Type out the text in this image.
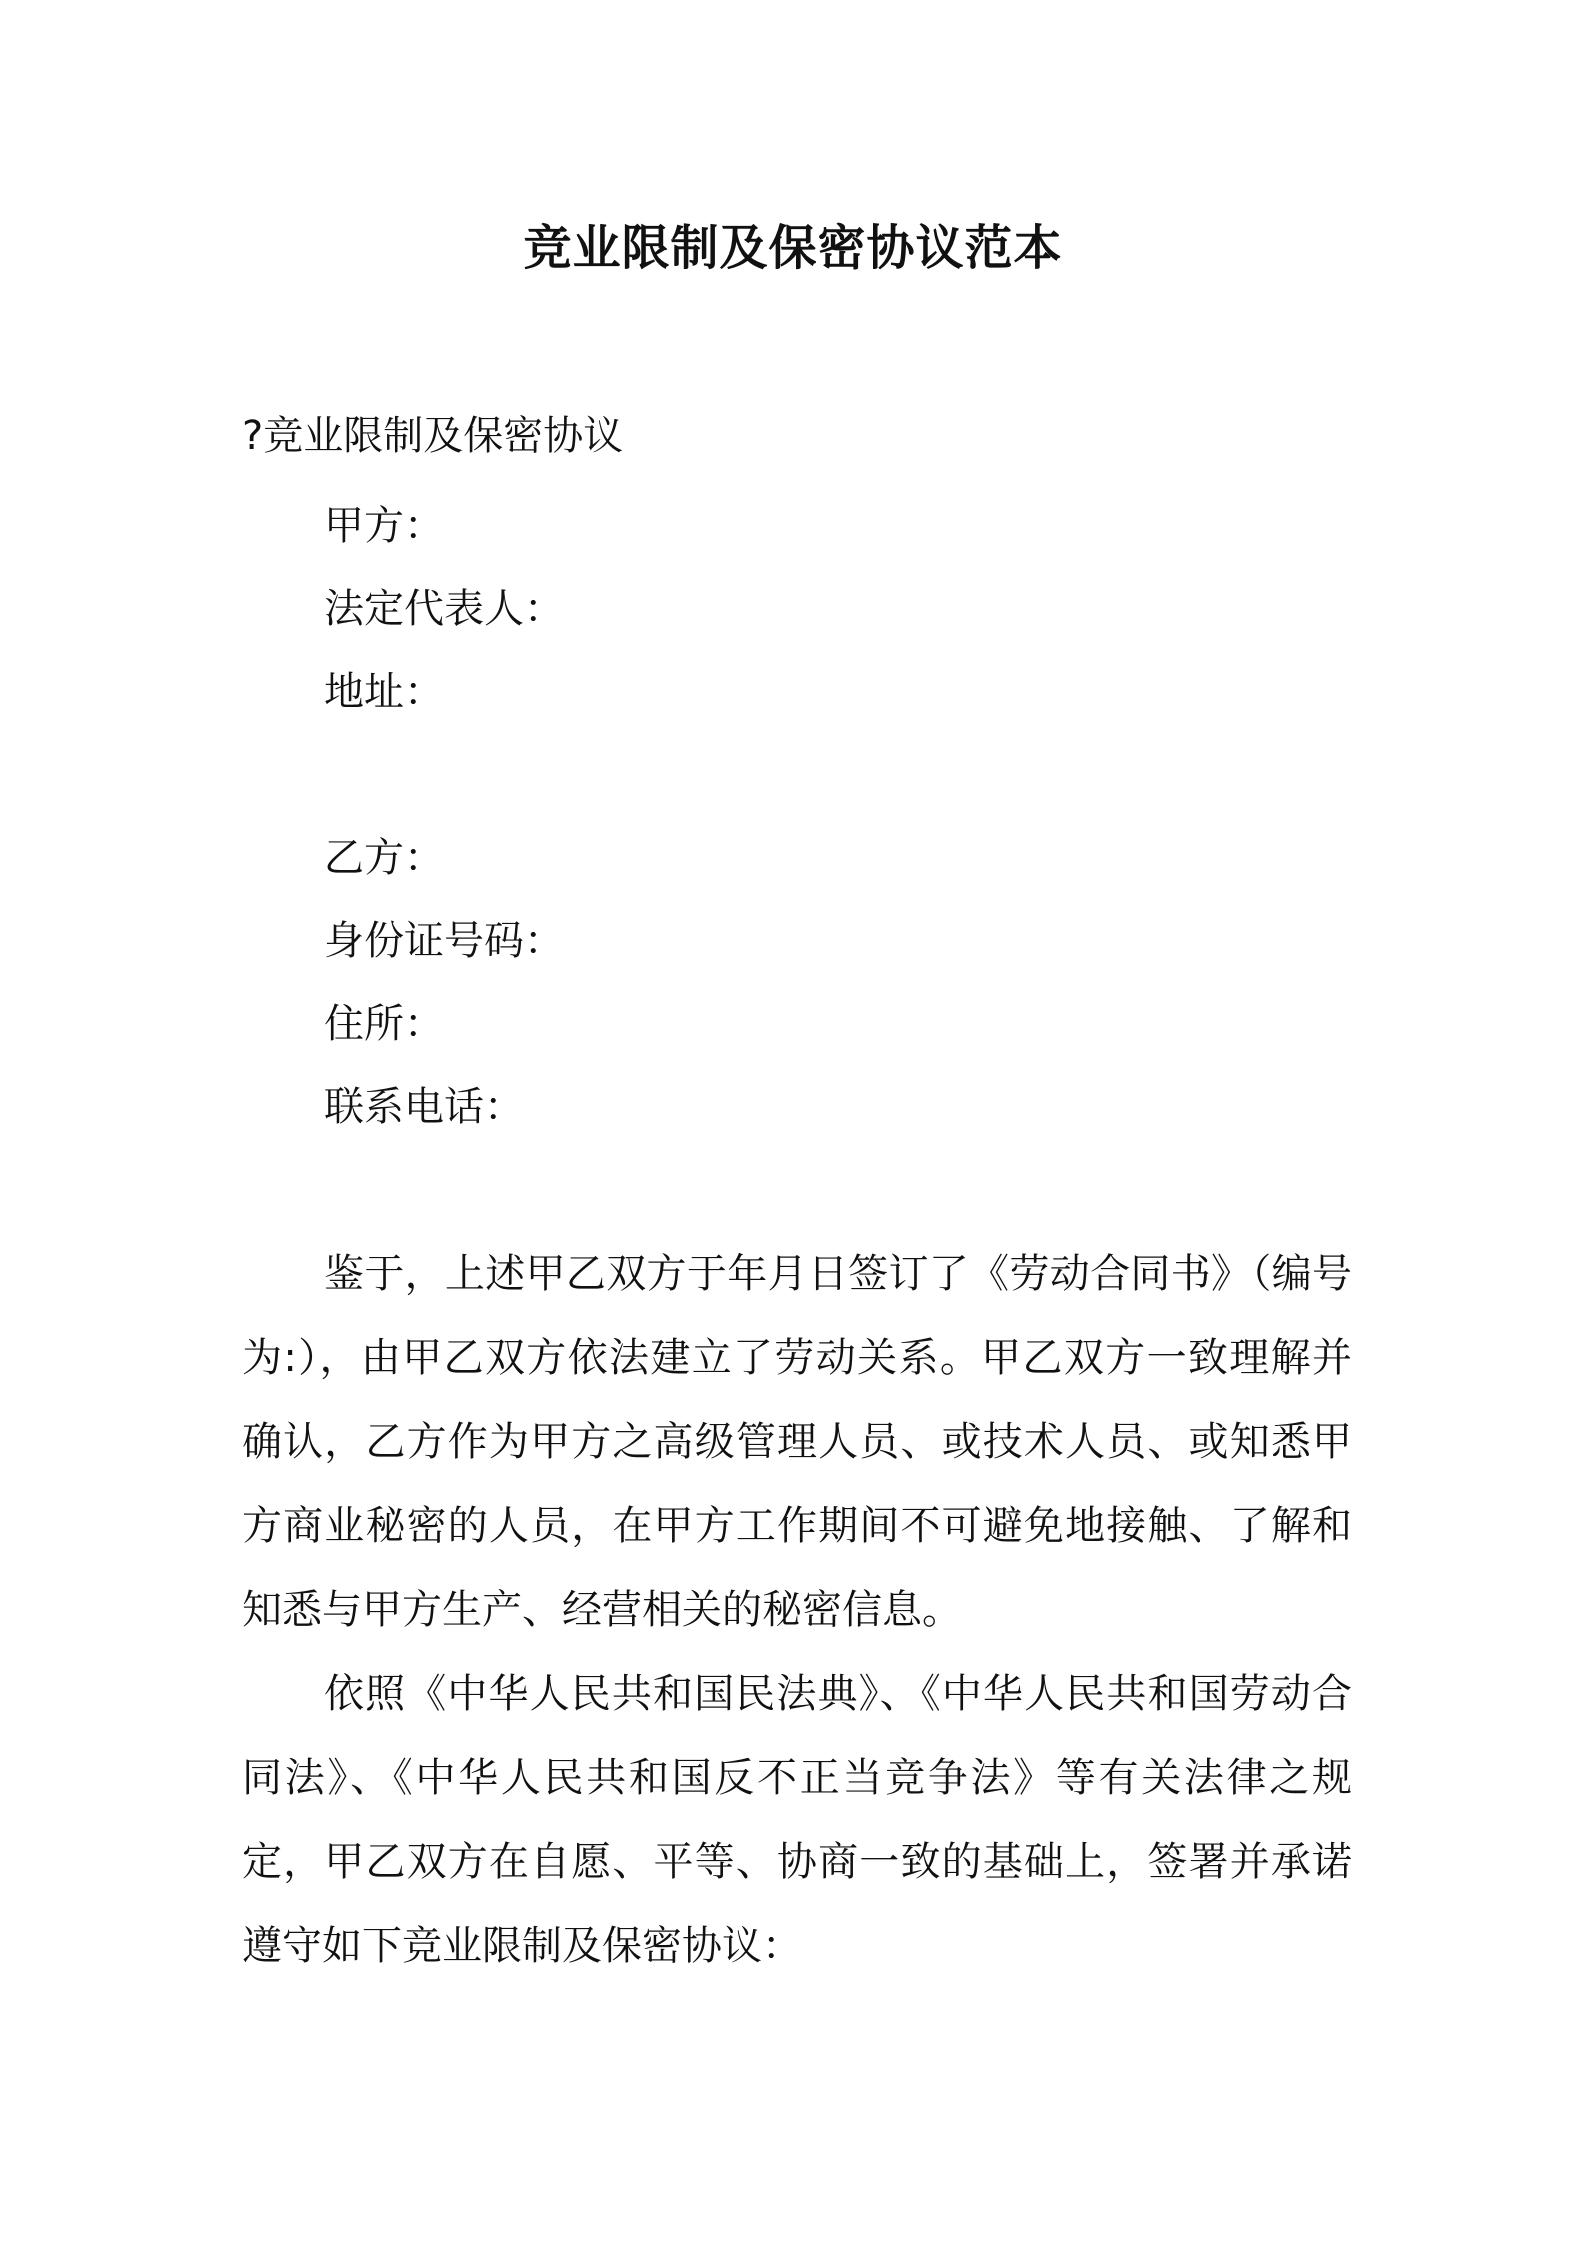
竞业限制及保密协议范本
?竞业限制及保密协议
甲方：
法定代表人：
地址：
乙方：
身份证号码：
住所：
联系电话：

鉴于，上述甲乙双方于年月日签订了《劳动合同书》（编号为:），由甲乙双方依法建立了劳动关系。甲乙双方一致理解并确认，乙方作为甲方之高级管理人员、或技术人员、或知悉甲方商业秘密的人员，在甲方工作期间不可避免地接触、了解和知悉与甲方生产、经营相关的秘密信息。

依照《中华人民共和国民法典》、《中华人民共和国劳动合同法》、《中华人民共和国反不正当竞争法》等有关法律之规定，甲乙双方在自愿、平等、协商一致的基础上，签署并承诺遵守如下竞业限制及保密协议：
